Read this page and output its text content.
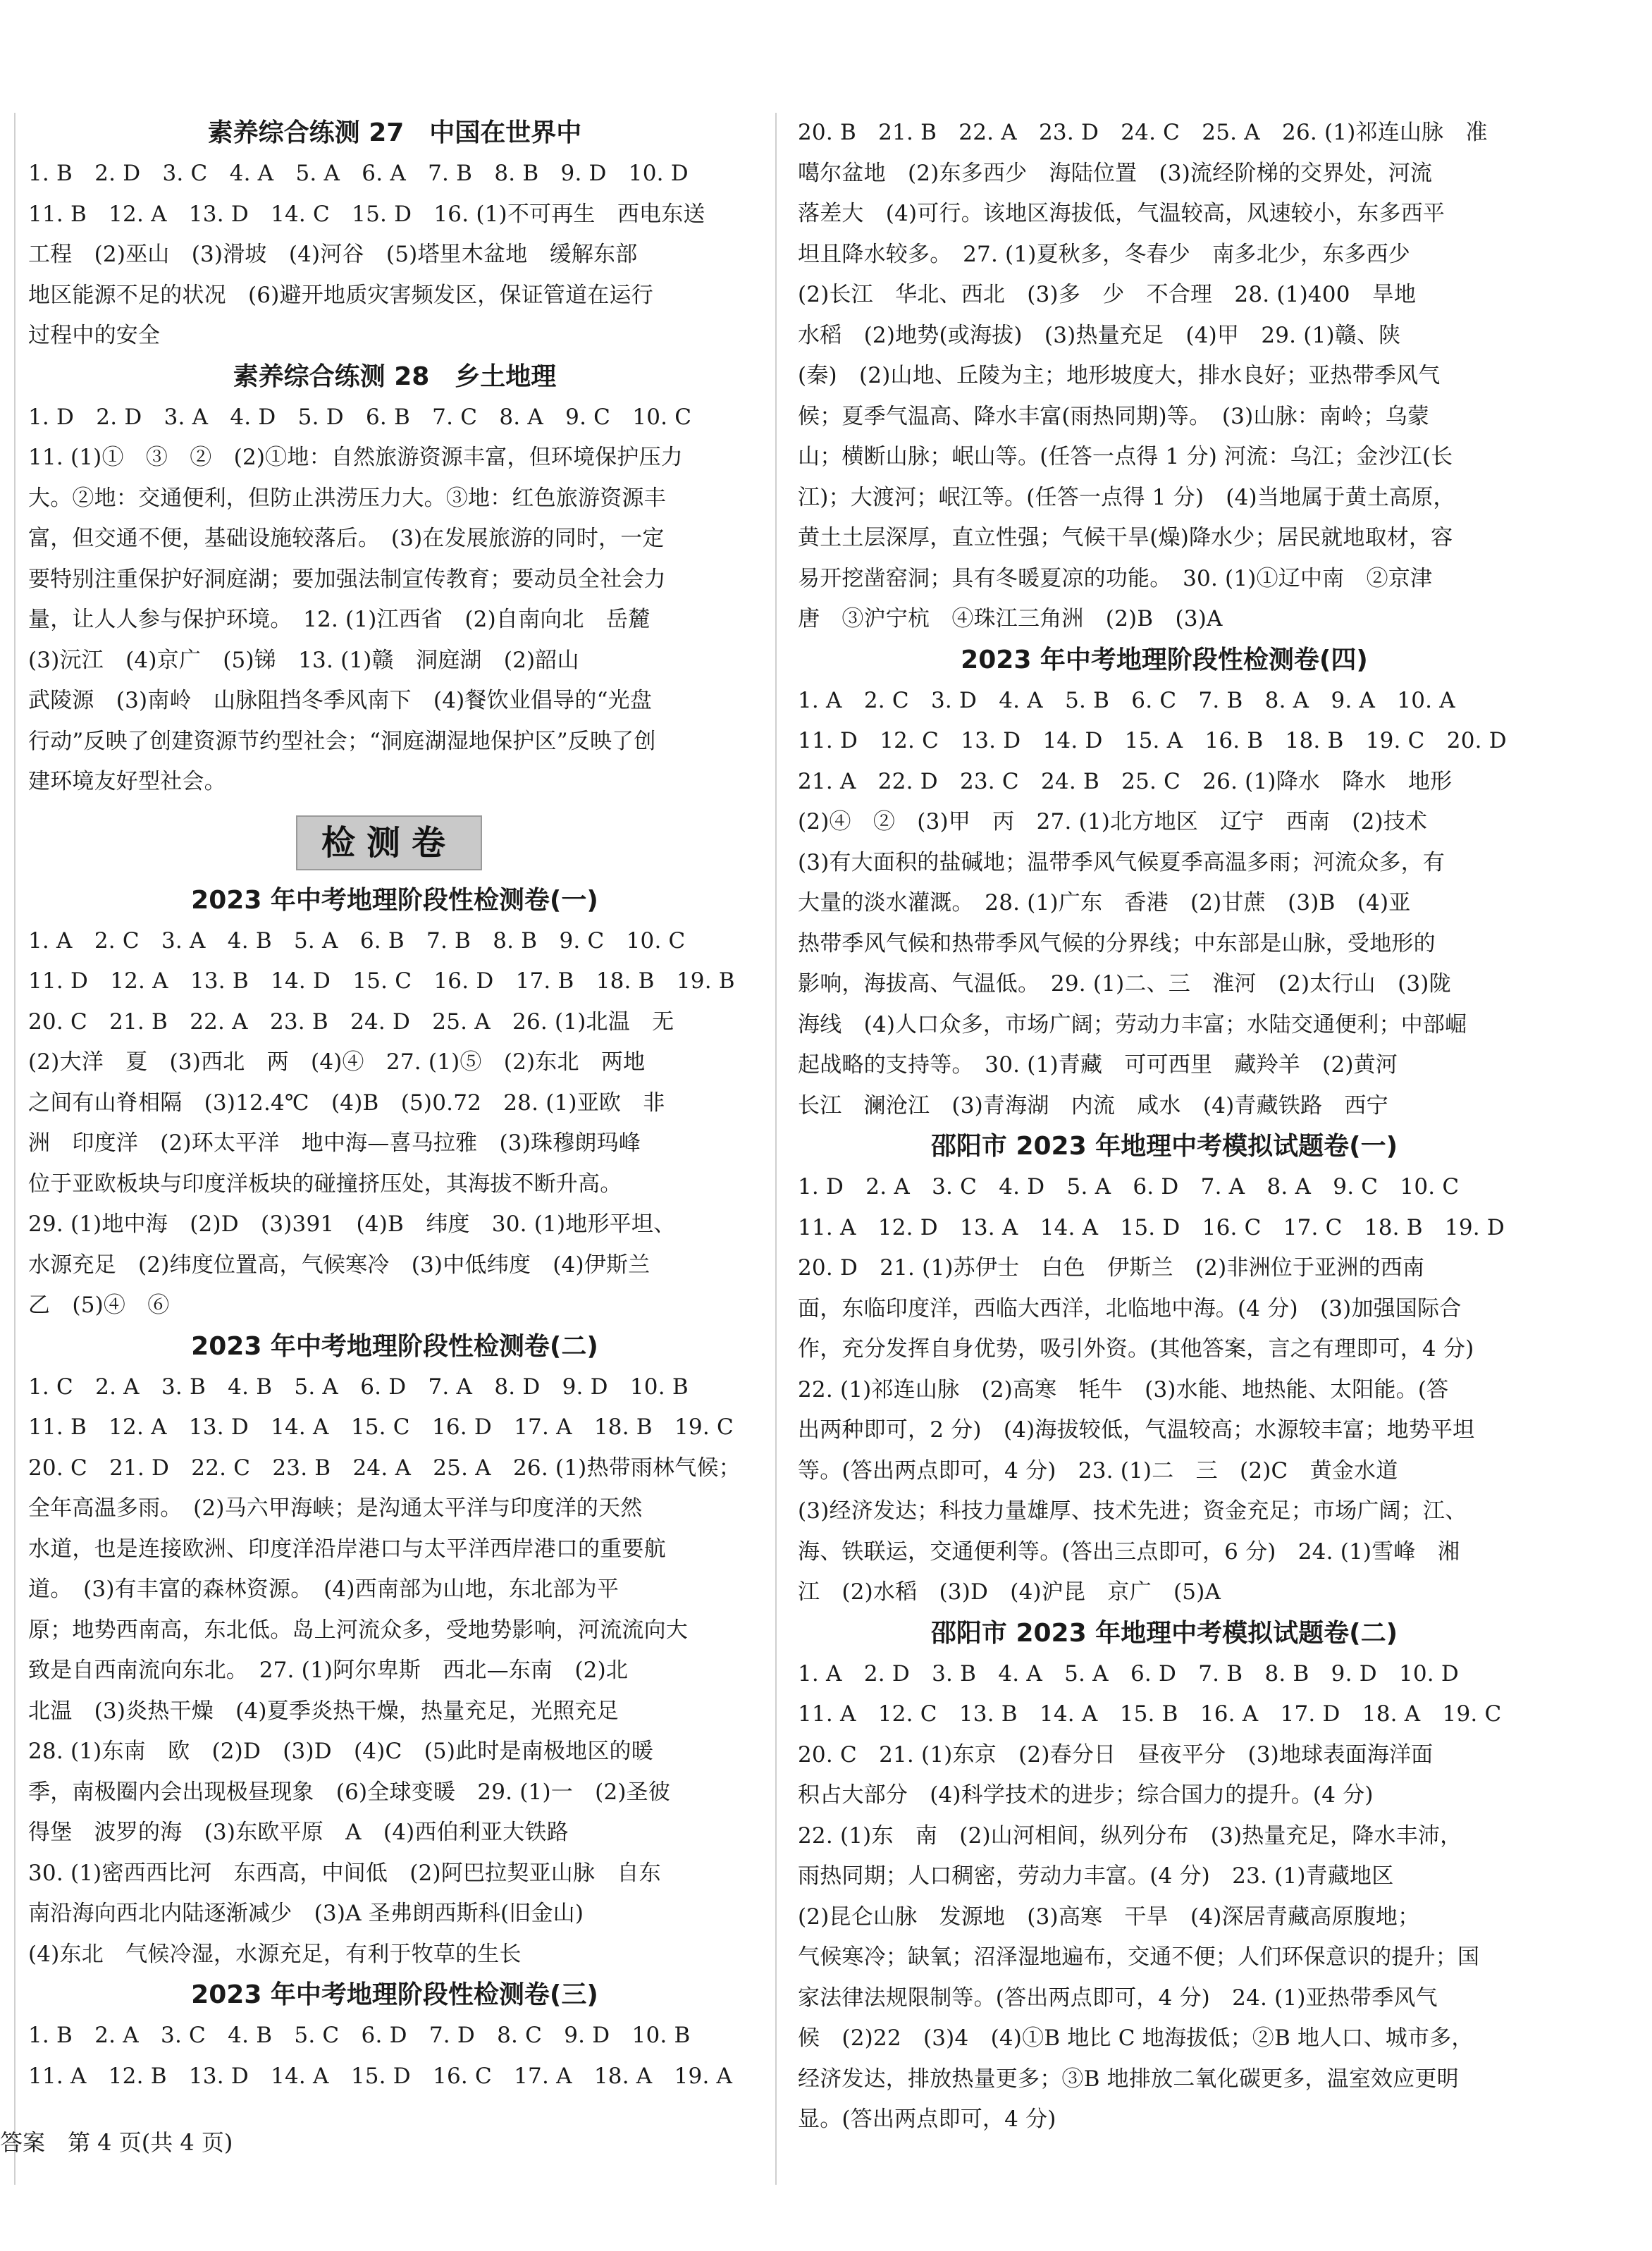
素养综合练测 27　中国在世界中
1. B　2. D　3. C　4. A　5. A　6. A　7. B　8. B　9. D　10. D
11. B　12. A　13. D　14. C　15. D　16. (1)不可再生　西电东送
工程　(2)巫山　(3)滑坡　(4)河谷　(5)塔里木盆地　缓解东部
地区能源不足的状况　(6)避开地质灾害频发区，保证管道在运行
过程中的安全
素养综合练测 28　乡土地理
1. D　2. D　3. A　4. D　5. D　6. B　7. C　8. A　9. C　10. C
11. (1)①　③　②　(2)①地：自然旅游资源丰富，但环境保护压力
大。②地：交通便利，但防止洪涝压力大。③地：红色旅游资源丰
富，但交通不便，基础设施较落后。　(3)在发展旅游的同时，一定
要特别注重保护好洞庭湖；要加强法制宣传教育；要动员全社会力
量，让人人参与保护环境。　12. (1)江西省　(2)自南向北　岳麓
(3)沅江　(4)京广　(5)锑　13. (1)赣　洞庭湖　(2)韶山
武陵源　(3)南岭　山脉阻挡冬季风南下　(4)餐饮业倡导的“光盘
行动”反映了创建资源节约型社会；“洞庭湖湿地保护区”反映了创
建环境友好型社会。
检测卷
2023 年中考地理阶段性检测卷(一)
1. A　2. C　3. A　4. B　5. A　6. B　7. B　8. B　9. C　10. C
11. D　12. A　13. B　14. D　15. C　16. D　17. B　18. B　19. B
20. C　21. B　22. A　23. B　24. D　25. A　26. (1)北温　无
(2)大洋　夏　(3)西北　两　(4)④　27. (1)⑤　(2)东北　两地
之间有山脊相隔　(3)12.4℃　(4)B　(5)0.72　28. (1)亚欧　非
洲　印度洋　(2)环太平洋　地中海—喜马拉雅　(3)珠穆朗玛峰
位于亚欧板块与印度洋板块的碰撞挤压处，其海拔不断升高。
29. (1)地中海　(2)D　(3)391　(4)B　纬度　30. (1)地形平坦、
水源充足　(2)纬度位置高，气候寒冷　(3)中低纬度　(4)伊斯兰
乙　(5)④　⑥
2023 年中考地理阶段性检测卷(二)
1. C　2. A　3. B　4. B　5. A　6. D　7. A　8. D　9. D　10. B
11. B　12. A　13. D　14. A　15. C　16. D　17. A　18. B　19. C
20. C　21. D　22. C　23. B　24. A　25. A　26. (1)热带雨林气候；
全年高温多雨。　(2)马六甲海峡；是沟通太平洋与印度洋的天然
水道，也是连接欧洲、印度洋沿岸港口与太平洋西岸港口的重要航
道。　(3)有丰富的森林资源。　(4)西南部为山地，东北部为平
原；地势西南高，东北低。岛上河流众多，受地势影响，河流流向大
致是自西南流向东北。　27. (1)阿尔卑斯　西北—东南　(2)北
北温　(3)炎热干燥　(4)夏季炎热干燥，热量充足，光照充足
28. (1)东南　欧　(2)D　(3)D　(4)C　(5)此时是南极地区的暖
季，南极圈内会出现极昼现象　(6)全球变暖　29. (1)一　(2)圣彼
得堡　波罗的海　(3)东欧平原　A　(4)西伯利亚大铁路
30. (1)密西西比河　东西高，中间低　(2)阿巴拉契亚山脉　自东
南沿海向西北内陆逐渐减少　(3)A 圣弗朗西斯科(旧金山)
(4)东北　气候冷湿，水源充足，有利于牧草的生长
2023 年中考地理阶段性检测卷(三)
1. B　2. A　3. C　4. B　5. C　6. D　7. D　8. C　9. D　10. B
11. A　12. B　13. D　14. A　15. D　16. C　17. A　18. A　19. A
20. B　21. B　22. A　23. D　24. C　25. A　26. (1)祁连山脉　准
噶尔盆地　(2)东多西少　海陆位置　(3)流经阶梯的交界处，河流
落差大　(4)可行。该地区海拔低，气温较高，风速较小，东多西平
坦且降水较多。　27. (1)夏秋多，冬春少　南多北少，东多西少
(2)长江　华北、西北　(3)多　少　不合理　28. (1)400　旱地
水稻　(2)地势(或海拔)　(3)热量充足　(4)甲　29. (1)赣、陕
(秦)　(2)山地、丘陵为主；地形坡度大，排水良好；亚热带季风气
候；夏季气温高、降水丰富(雨热同期)等。　(3)山脉：南岭；乌蒙
山；横断山脉；岷山等。(任答一点得 1 分) 河流：乌江；金沙江(长
江)；大渡河；岷江等。(任答一点得 1 分)　(4)当地属于黄土高原，
黄土土层深厚，直立性强；气候干旱(燥)降水少；居民就地取材，容
易开挖凿窑洞；具有冬暖夏凉的功能。　30. (1)①辽中南　②京津
唐　③沪宁杭　④珠江三角洲　(2)B　(3)A
2023 年中考地理阶段性检测卷(四)
1. A　2. C　3. D　4. A　5. B　6. C　7. B　8. A　9. A　10. A
11. D　12. C　13. D　14. D　15. A　16. B　18. B　19. C　20. D
21. A　22. D　23. C　24. B　25. C　26. (1)降水　降水　地形
(2)④　②　(3)甲　丙　27. (1)北方地区　辽宁　西南　(2)技术
(3)有大面积的盐碱地；温带季风气候夏季高温多雨；河流众多，有
大量的淡水灌溉。　28. (1)广东　香港　(2)甘蔗　(3)B　(4)亚
热带季风气候和热带季风气候的分界线；中东部是山脉，受地形的
影响，海拔高、气温低。　29. (1)二、三　淮河　(2)太行山　(3)陇
海线　(4)人口众多，市场广阔；劳动力丰富；水陆交通便利；中部崛
起战略的支持等。　30. (1)青藏　可可西里　藏羚羊　(2)黄河
长江　澜沧江　(3)青海湖　内流　咸水　(4)青藏铁路　西宁
邵阳市 2023 年地理中考模拟试题卷(一)
1. D　2. A　3. C　4. D　5. A　6. D　7. A　8. A　9. C　10. C
11. A　12. D　13. A　14. A　15. D　16. C　17. C　18. B　19. D
20. D　21. (1)苏伊士　白色　伊斯兰　(2)非洲位于亚洲的西南
面，东临印度洋，西临大西洋，北临地中海。(4 分)　(3)加强国际合
作，充分发挥自身优势，吸引外资。(其他答案，言之有理即可，4 分)
22. (1)祁连山脉　(2)高寒　牦牛　(3)水能、地热能、太阳能。(答
出两种即可，2 分)　(4)海拔较低，气温较高；水源较丰富；地势平坦
等。(答出两点即可，4 分)　23. (1)二　三　(2)C　黄金水道
(3)经济发达；科技力量雄厚、技术先进；资金充足；市场广阔；江、
海、铁联运，交通便利等。(答出三点即可，6 分)　24. (1)雪峰　湘
江　(2)水稻　(3)D　(4)沪昆　京广　(5)A
邵阳市 2023 年地理中考模拟试题卷(二)
1. A　2. D　3. B　4. A　5. A　6. D　7. B　8. B　9. D　10. D
11. A　12. C　13. B　14. A　15. B　16. A　17. D　18. A　19. C
20. C　21. (1)东京　(2)春分日　昼夜平分　(3)地球表面海洋面
积占大部分　(4)科学技术的进步；综合国力的提升。(4 分)
22. (1)东　南　(2)山河相间，纵列分布　(3)热量充足，降水丰沛，
雨热同期；人口稠密，劳动力丰富。(4 分)　23. (1)青藏地区
(2)昆仑山脉　发源地　(3)高寒　干旱　(4)深居青藏高原腹地；
气候寒冷；缺氧；沼泽湿地遍布，交通不便；人们环保意识的提升；国
家法律法规限制等。(答出两点即可，4 分)　24. (1)亚热带季风气
候　(2)22　(3)4　(4)①B 地比 C 地海拔低；②B 地人口、城市多，
经济发达，排放热量更多；③B 地排放二氧化碳更多，温室效应更明
显。(答出两点即可，4 分)
答案　第 4 页(共 4 页)
